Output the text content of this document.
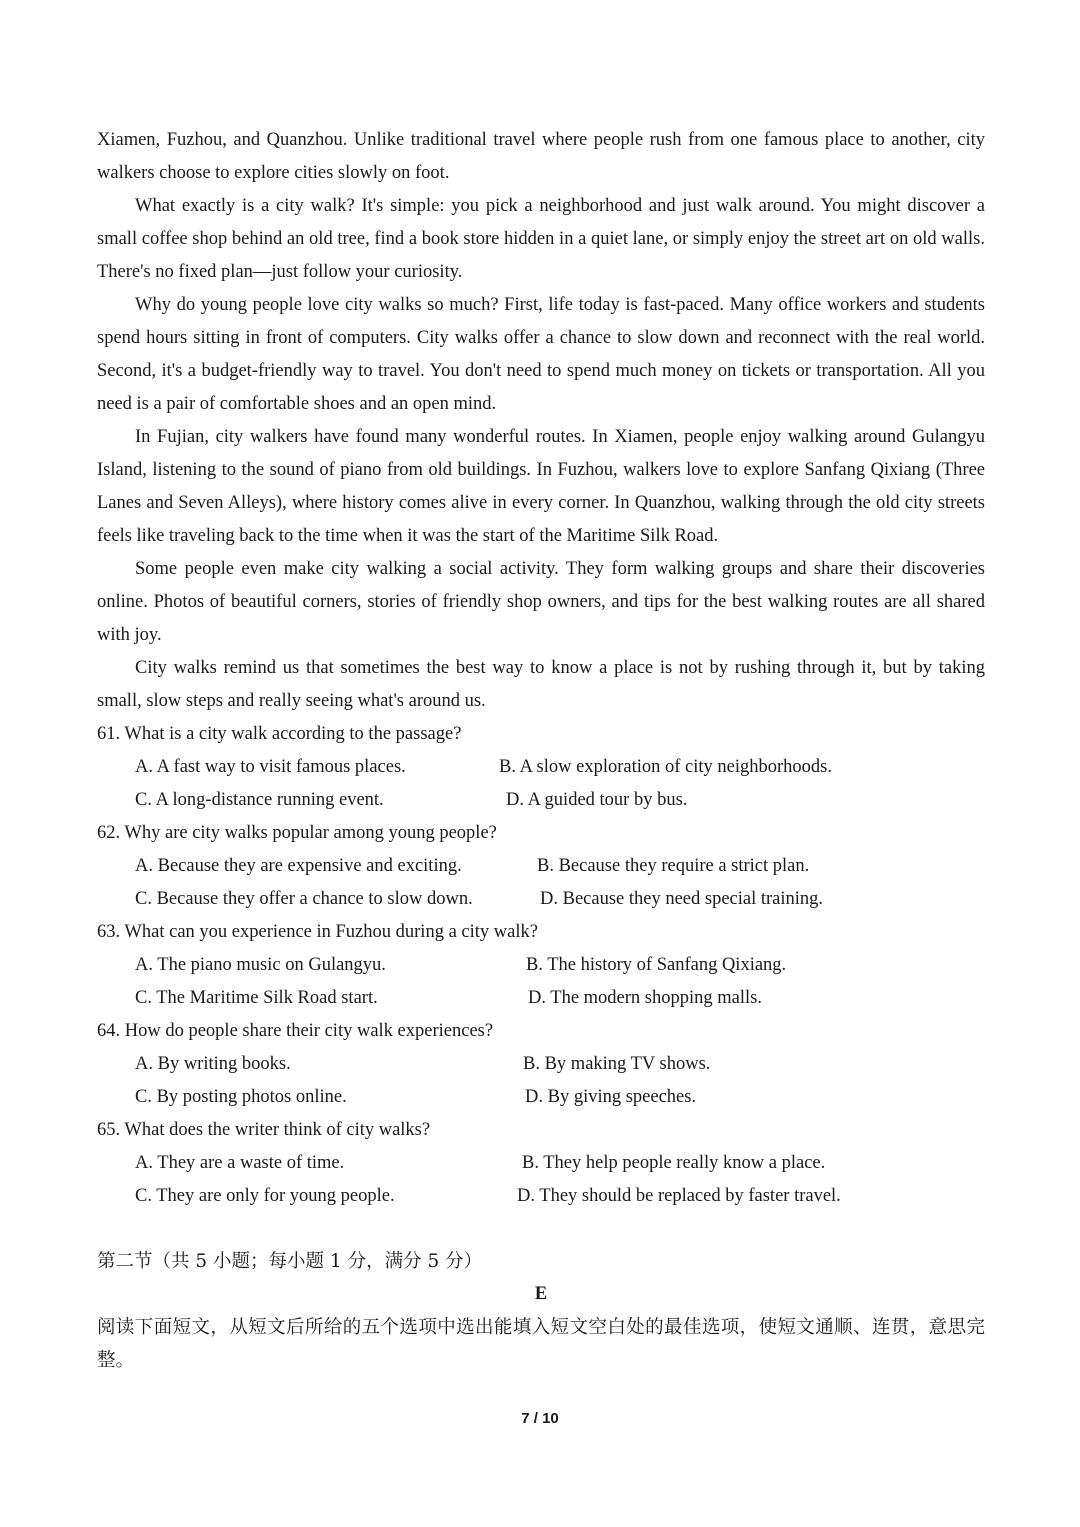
Xiamen, Fuzhou, and Quanzhou. Unlike traditional travel where people rush from one famous place to another, city walkers choose to explore cities slowly on foot.

What exactly is a city walk? It's simple: you pick a neighborhood and just walk around. You might discover a small coffee shop behind an old tree, find a book store hidden in a quiet lane, or simply enjoy the street art on old walls. There's no fixed plan—just follow your curiosity.

Why do young people love city walks so much? First, life today is fast-paced. Many office workers and students spend hours sitting in front of computers. City walks offer a chance to slow down and reconnect with the real world. Second, it's a budget-friendly way to travel. You don't need to spend much money on tickets or transportation. All you need is a pair of comfortable shoes and an open mind.

In Fujian, city walkers have found many wonderful routes. In Xiamen, people enjoy walking around Gulangyu Island, listening to the sound of piano from old buildings. In Fuzhou, walkers love to explore Sanfang Qixiang (Three Lanes and Seven Alleys), where history comes alive in every corner. In Quanzhou, walking through the old city streets feels like traveling back to the time when it was the start of the Maritime Silk Road.

Some people even make city walking a social activity. They form walking groups and share their discoveries online. Photos of beautiful corners, stories of friendly shop owners, and tips for the best walking routes are all shared with joy.

City walks remind us that sometimes the best way to know a place is not by rushing through it, but by taking small, slow steps and really seeing what's around us.

61. What is a city walk according to the passage?

A. A fast way to visit famous places.	B. A slow exploration of city neighborhoods.
C. A long-distance running event.	D. A guided tour by bus.

62. Why are city walks popular among young people?

A. Because they are expensive and exciting.	B. Because they require a strict plan.
C. Because they offer a chance to slow down.	D. Because they need special training.

63. What can you experience in Fuzhou during a city walk?

A. The piano music on Gulangyu.	B. The history of Sanfang Qixiang.
C. The Maritime Silk Road start.	D. The modern shopping malls.

64. How do people share their city walk experiences?

A. By writing books.	B. By making TV shows.
C. By posting photos online.	D. By giving speeches.

65. What does the writer think of city walks?

A. They are a waste of time.	B. They help people really know a place.
C. They are only for young people.	D. They should be replaced by faster travel.
第二节（共 5 小题；每小题 1 分，满分 5 分）
E

阅读下面短文，从短文后所给的五个选项中选出能填入短文空白处的最佳选项，使短文通顺、连贯，意思完整。

7 / 10
